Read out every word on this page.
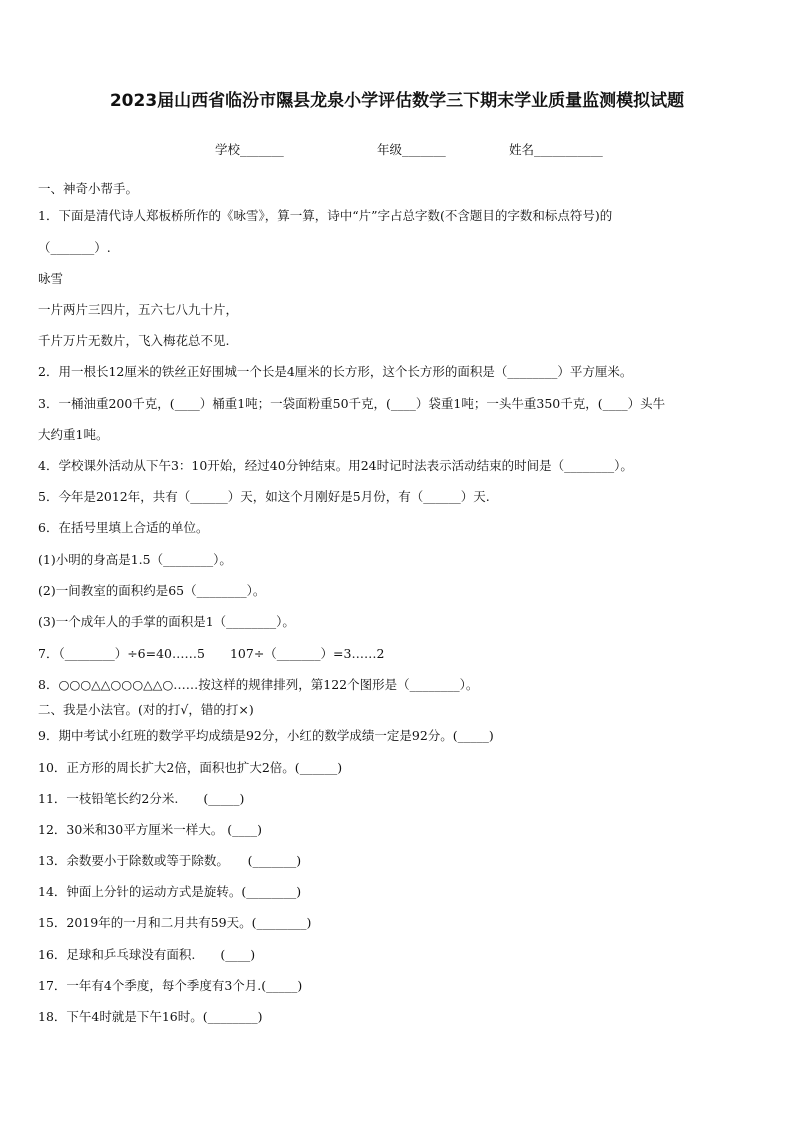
2023届山西省临汾市隰县龙泉小学评估数学三下期末学业质量监测模拟试题
学校_______	年级_______	姓名___________
一、神奇小帮手。
1．下面是清代诗人郑板桥所作的《咏雪》，算一算，诗中“片”字占总字数(不含题目的字数和标点符号)的
（_______）.
咏雪
一片两片三四片，五六七八九十片，
千片万片无数片，飞入梅花总不见.
2．用一根长12厘米的铁丝正好围城一个长是4厘米的长方形，这个长方形的面积是（________）平方厘米。
3．一桶油重200千克，(____）桶重1吨；一袋面粉重50千克，(____）袋重1吨；一头牛重350千克，(____）头牛
大约重1吨。
4．学校课外活动从下午3：10开始，经过40分钟结束。用24时记时法表示活动结束的时间是（________）。
5．今年是2012年，共有（______）天，如这个月刚好是5月份，有（______）天.
6．在括号里填上合适的单位。
(1)小明的身高是1.5（________）。
(2)一间教室的面积约是65（________）。
(3)一个成年人的手掌的面积是1（________）。
7．（________）÷6=40……5　　107÷（_______）=3……2
8．○○○△△○○○△△○……按这样的规律排列，第122个图形是（________）。
二、我是小法官。(对的打√，错的打×)
9．期中考试小红班的数学平均成绩是92分，小红的数学成绩一定是92分。(_____)
10．正方形的周长扩大2倍，面积也扩大2倍。(______)
11．一枝铅笔长约2分米.　　(_____)
12．30米和30平方厘米一样大。 (____)
13．余数要小于除数或等于除数。　　(_______)
14．钟面上分针的运动方式是旋转。(________)
15．2019年的一月和二月共有59天。(________)
16．足球和乒乓球没有面积.　　(____)
17．一年有4个季度，每个季度有3个月.(_____)
18．下午4时就是下午16时。(________)
